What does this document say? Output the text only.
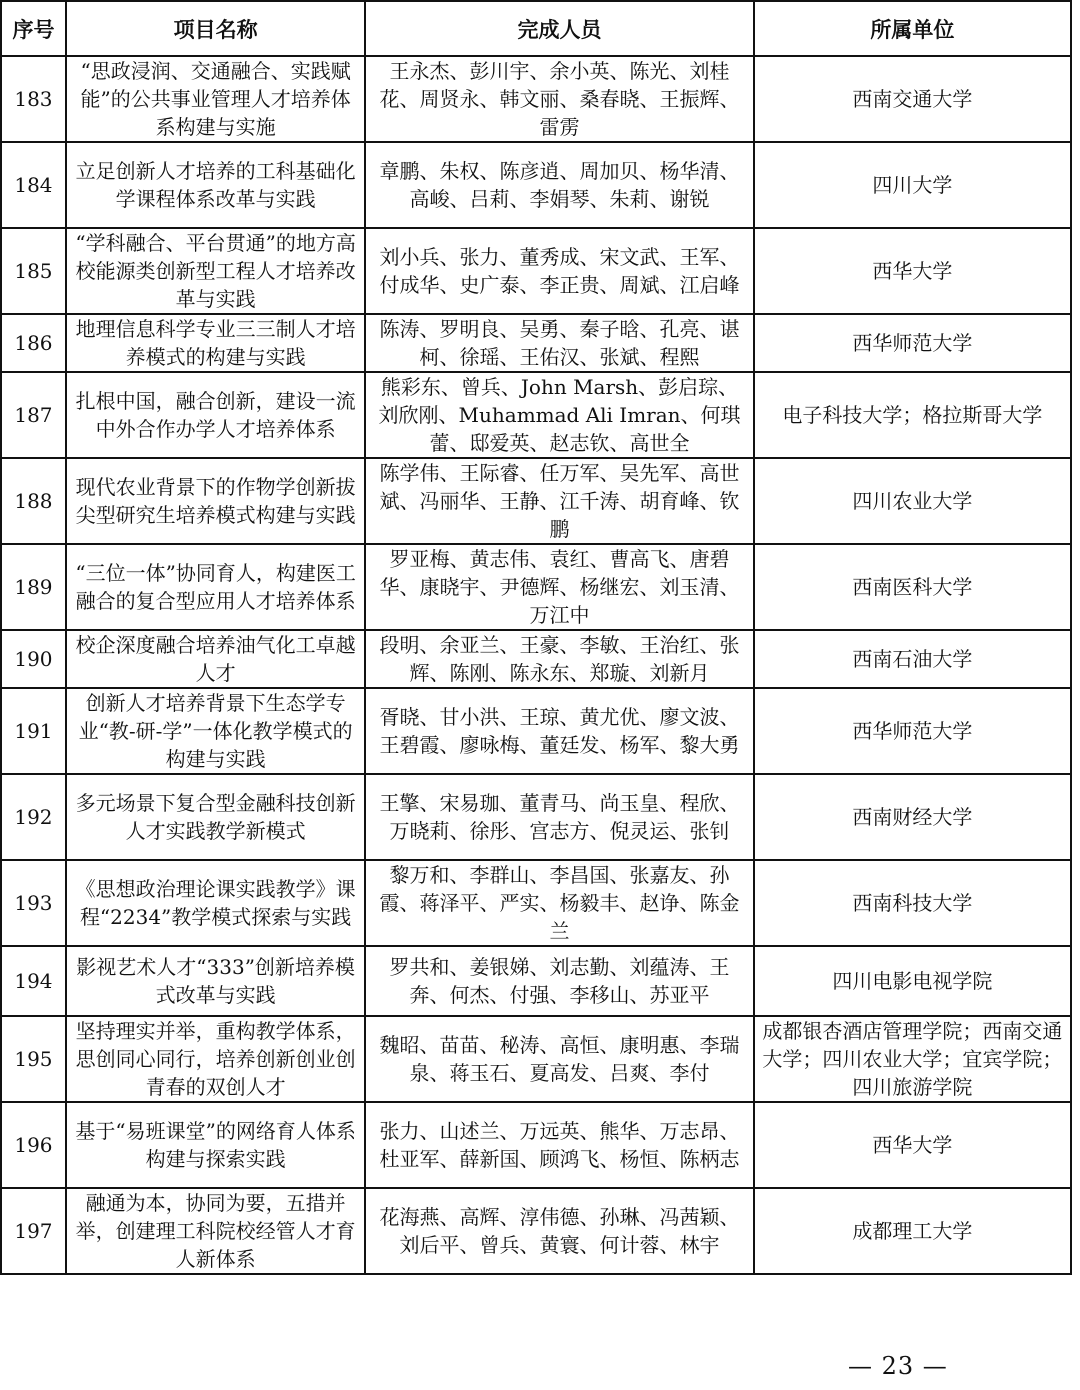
序号	项目名称	完成人员	所属单位
183	“思政浸润、交通融合、实践赋能”的公共事业管理人才培养体系构建与实施	王永杰、彭川宇、余小英、陈光、刘桂花、周贤永、韩文丽、桑春晓、王振辉、雷雳	西南交通大学
184	立足创新人才培养的工科基础化学课程体系改革与实践	章鹏、朱权、陈彦逍、周加贝、杨华清、高峻、吕莉、李娟琴、朱莉、谢锐	四川大学
185	“学科融合、平台贯通”的地方高校能源类创新型工程人才培养改革与实践	刘小兵、张力、董秀成、宋文武、王军、付成华、史广泰、李正贵、周斌、江启峰	西华大学
186	地理信息科学专业三三制人才培养模式的构建与实践	陈涛、罗明良、吴勇、秦子晗、孔亮、谌柯、徐瑶、王佑汉、张斌、程熙	西华师范大学
187	扎根中国，融合创新，建设一流中外合作办学人才培养体系	熊彩东、曾兵、John Marsh、彭启琮、刘欣刚、Muhammad Ali Imran、何琪蕾、邸爱英、赵志钦、高世全	电子科技大学；格拉斯哥大学
188	现代农业背景下的作物学创新拔尖型研究生培养模式构建与实践	陈学伟、王际睿、任万军、吴先军、高世斌、冯丽华、王静、江千涛、胡育峰、钦鹏	四川农业大学
189	“三位一体”协同育人，构建医工融合的复合型应用人才培养体系	罗亚梅、黄志伟、袁红、曹高飞、唐碧华、康晓宇、尹德辉、杨继宏、刘玉清、万江中	西南医科大学
190	校企深度融合培养油气化工卓越人才	段明、余亚兰、王豪、李敏、王治红、张辉、陈刚、陈永东、郑璇、刘新月	西南石油大学
191	创新人才培养背景下生态学专业“教-研-学”一体化教学模式的构建与实践	胥晓、甘小洪、王琼、黄尤优、廖文波、王碧霞、廖咏梅、董廷发、杨军、黎大勇	西华师范大学
192	多元场景下复合型金融科技创新人才实践教学新模式	王擎、宋易珈、董青马、尚玉皇、程欣、万晓莉、徐彤、宫志方、倪灵运、张钊	西南财经大学
193	《思想政治理论课实践教学》课程“2234”教学模式探索与实践	黎万和、李群山、李昌国、张嘉友、孙霞、蒋泽平、严实、杨毅丰、赵诤、陈金兰	西南科技大学
194	影视艺术人才“333”创新培养模式改革与实践	罗共和、姜银娣、刘志勤、刘蕴涛、王奔、何杰、付强、李移山、苏亚平	四川电影电视学院
195	坚持理实并举，重构教学体系，思创同心同行，培养创新创业创青春的双创人才	魏昭、苗苗、秘涛、高恒、康明惠、李瑞泉、蒋玉石、夏高发、吕爽、李付	成都银杏酒店管理学院；西南交通大学；四川农业大学；宜宾学院；四川旅游学院
196	基于“易班课堂”的网络育人体系构建与探索实践	张力、山述兰、万远英、熊华、万志昂、杜亚军、薛新国、顾鸿飞、杨恒、陈柄志	西华大学
197	融通为本，协同为要，五措并举，创建理工科院校经管人才育人新体系	花海燕、高辉、淳伟德、孙琳、冯茜颖、刘后平、曾兵、黄寰、何计蓉、林宇	成都理工大学
— 23 —
